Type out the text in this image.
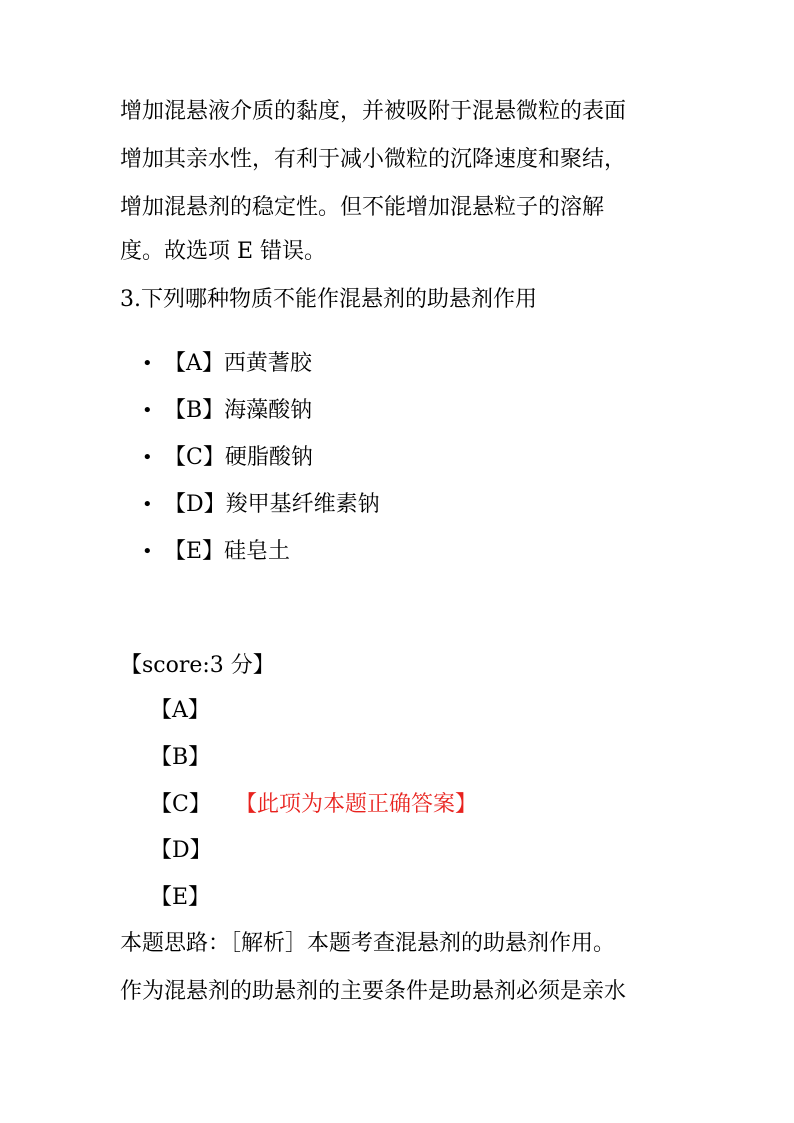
增加混悬液介质的黏度，并被吸附于混悬微粒的表面
增加其亲水性，有利于减小微粒的沉降速度和聚结，
增加混悬剂的稳定性。但不能增加混悬粒子的溶解
度。故选项 E 错误。
3.下列哪种物质不能作混悬剂的助悬剂作用
• 【A】西黄蓍胶
• 【B】海藻酸钠
• 【C】硬脂酸钠
• 【D】羧甲基纤维素钠
• 【E】硅皂土
【score:3 分】
【A】
【B】
【C】 【此项为本题正确答案】
【D】
【E】
本题思路：［解析］本题考查混悬剂的助悬剂作用。
作为混悬剂的助悬剂的主要条件是助悬剂必须是亲水
